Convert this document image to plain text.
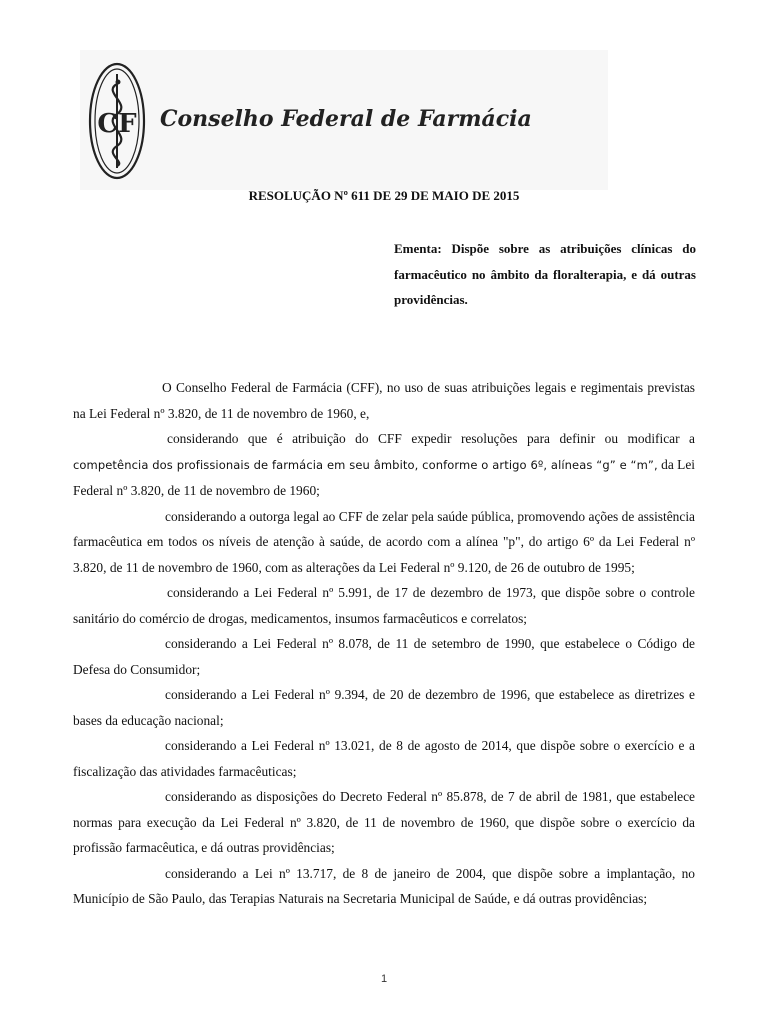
CF Conselho Federal de Farmácia
RESOLUÇÃO Nº 611 DE 29 DE MAIO DE 2015
Ementa: Dispõe sobre as atribuições clínicas do farmacêutico no âmbito da floralterapia, e dá outras providências.

O Conselho Federal de Farmácia (CFF), no uso de suas atribuições legais e regimentais previstas na Lei Federal nº 3.820, de 11 de novembro de 1960, e,

considerando que é atribuição do CFF expedir resoluções para definir ou modificar a competência dos profissionais de farmácia em seu âmbito, conforme o artigo 6º, alíneas “g” e “m”, da Lei Federal nº 3.820, de 11 de novembro de 1960;

considerando a outorga legal ao CFF de zelar pela saúde pública, promovendo ações de assistência farmacêutica em todos os níveis de atenção à saúde, de acordo com a alínea "p", do artigo 6º da Lei Federal nº 3.820, de 11 de novembro de 1960, com as alterações da Lei Federal nº 9.120, de 26 de outubro de 1995;

considerando a Lei Federal nº 5.991, de 17 de dezembro de 1973, que dispõe sobre o controle sanitário do comércio de drogas, medicamentos, insumos farmacêuticos e correlatos;

considerando a Lei Federal nº 8.078, de 11 de setembro de 1990, que estabelece o Código de Defesa do Consumidor;

considerando a Lei Federal nº 9.394, de 20 de dezembro de 1996, que estabelece as diretrizes e bases da educação nacional;

considerando a Lei Federal nº 13.021, de 8 de agosto de 2014, que dispõe sobre o exercício e a fiscalização das atividades farmacêuticas;

considerando as disposições do Decreto Federal nº 85.878, de 7 de abril de 1981, que estabelece normas para execução da Lei Federal nº 3.820, de 11 de novembro de 1960, que dispõe sobre o exercício da profissão farmacêutica, e dá outras providências;

considerando a Lei nº 13.717, de 8 de janeiro de 2004, que dispõe sobre a implantação, no Município de São Paulo, das Terapias Naturais na Secretaria Municipal de Saúde, e dá outras providências;

1
